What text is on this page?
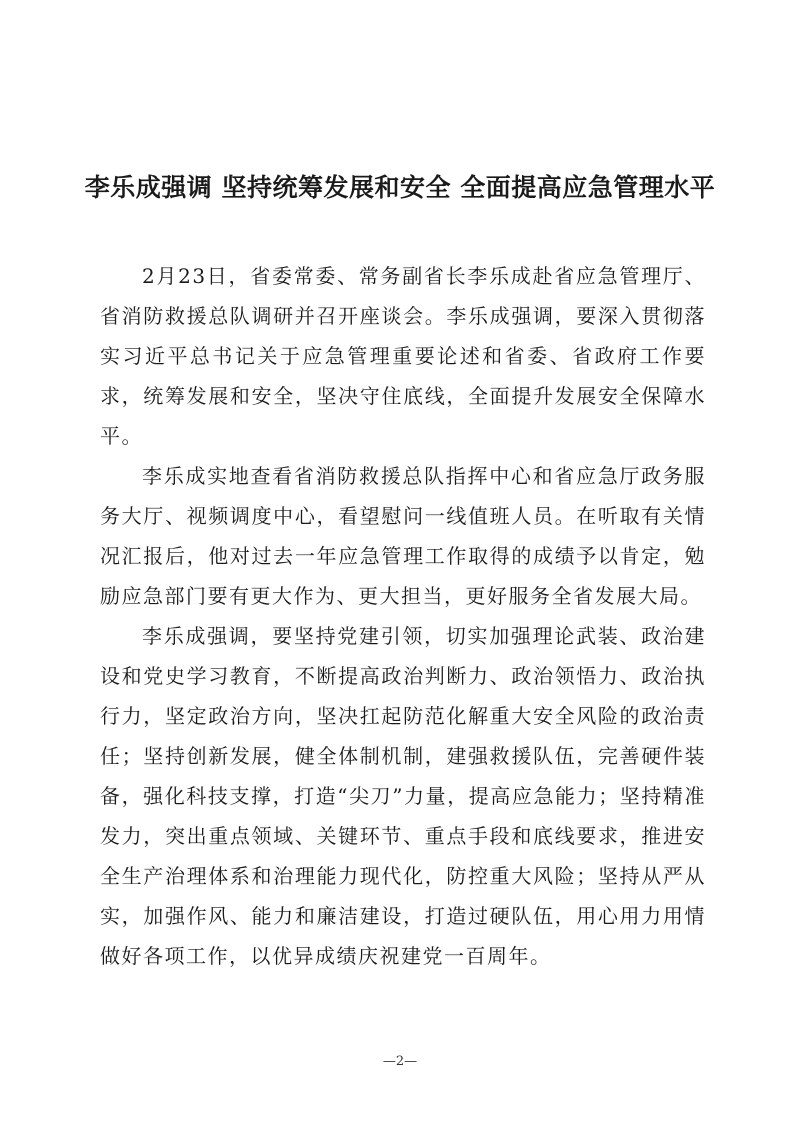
李乐成强调 坚持统筹发展和安全 全面提高应急管理水平

2月23日，省委常委、常务副省长李乐成赴省应急管理厅、省消防救援总队调研并召开座谈会。李乐成强调，要深入贯彻落实习近平总书记关于应急管理重要论述和省委、省政府工作要求，统筹发展和安全，坚决守住底线，全面提升发展安全保障水平。

李乐成实地查看省消防救援总队指挥中心和省应急厅政务服务大厅、视频调度中心，看望慰问一线值班人员。在听取有关情况汇报后，他对过去一年应急管理工作取得的成绩予以肯定，勉励应急部门要有更大作为、更大担当，更好服务全省发展大局。

李乐成强调，要坚持党建引领，切实加强理论武装、政治建设和党史学习教育，不断提高政治判断力、政治领悟力、政治执行力，坚定政治方向，坚决扛起防范化解重大安全风险的政治责任；坚持创新发展，健全体制机制，建强救援队伍，完善硬件装备，强化科技支撑，打造“尖刀”力量，提高应急能力；坚持精准发力，突出重点领域、关键环节、重点手段和底线要求，推进安全生产治理体系和治理能力现代化，防控重大风险；坚持从严从实，加强作风、能力和廉洁建设，打造过硬队伍，用心用力用情做好各项工作，以优异成绩庆祝建党一百周年。

—2—
